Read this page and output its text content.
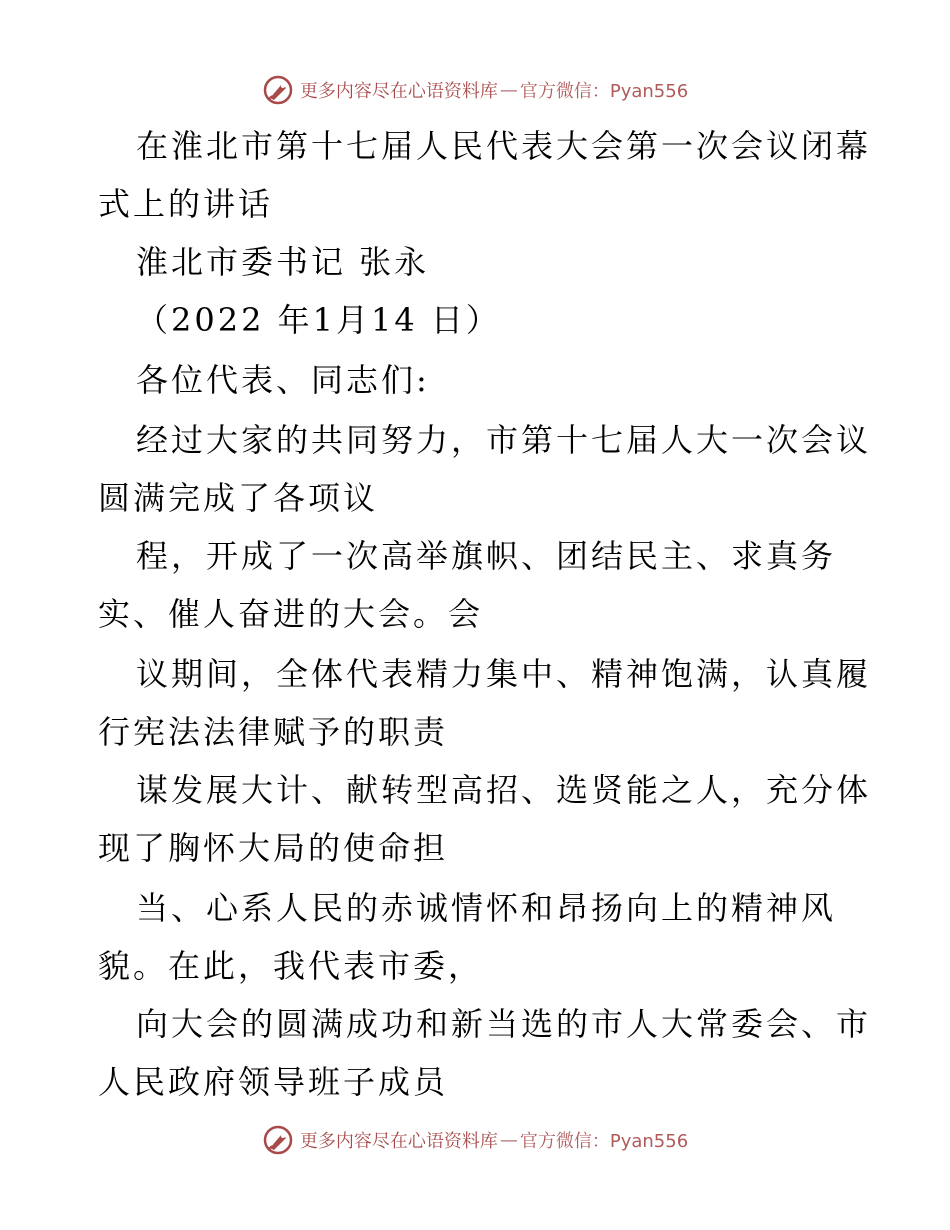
更多内容尽在心语资料库 — 官方微信：Pyan556
在淮北市第十七届人民代表大会第一次会议闭幕
式上的讲话
淮北市委书记 张永
（2022 年1月14 日）
各位代表、同志们:
经过大家的共同努力，市第十七届人大一次会议
圆满完成了各项议
程，开成了一次高举旗帜、团结民主、求真务
实、催人奋进的大会。会
议期间，全体代表精力集中、精神饱满，认真履
行宪法法律赋予的职责
谋发展大计、献转型高招、选贤能之人，充分体
现了胸怀大局的使命担
当、心系人民的赤诚情怀和昂扬向上的精神风
貌。在此，我代表市委，
向大会的圆满成功和新当选的市人大常委会、市
人民政府领导班子成员
更多内容尽在心语资料库 — 官方微信：Pyan556
